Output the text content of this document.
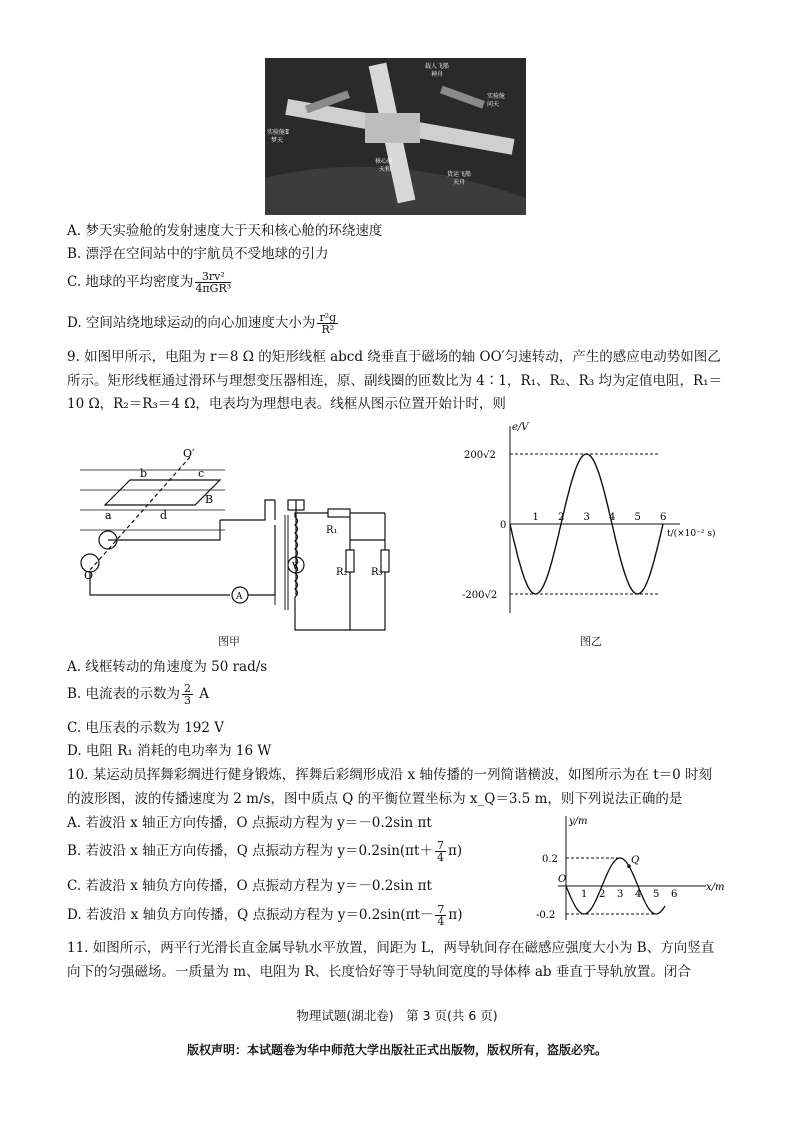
载人飞船
神舟
实验舱
问天
实验舱Ⅱ
梦天
核心舱
天和
货运飞船
天舟
A. 梦天实验舱的发射速度大于天和核心舱的环绕速度
B. 漂浮在空间站中的宇航员不受地球的引力
C. 地球的平均密度为 $\frac{\text{3rv²}}{\text{4πGR³}}$
D. 空间站绕地球运动的向心加速度大小为 $\frac{\text{r²g}}{\text{R²}}$
9. 如图甲所示，电阻为 r＝8 Ω 的矩形线框 abcd 绕垂直于磁场的轴 OO′匀速转动，产生的感应电动势如图乙
所示。矩形线框通过滑环与理想变压器相连，原、副线圈的匝数比为 4∶1，R₁、R₂、R₃ 均为定值电阻，R₁＝
10 Ω，R₂＝R₃＝4 Ω，电表均为理想电表。线框从图示位置开始计时，则
O
O′
b	c
a	d
B
A
V
R₁
R₂ R₃
图甲
e/V
t/(×10⁻² s)
0
200√2
-200√2
1 2 3 4 5 6
图乙
A. 线框转动的角速度为 50 rad/s
B. 电流表的示数为 $\frac{2}{3}$ A
C. 电压表的示数为 192 V
D. 电阻 R₁ 消耗的电功率为 16 W
10. 某运动员挥舞彩绸进行健身锻炼，挥舞后彩绸形成沿 x 轴传播的一列简谐横波，如图所示为在 t＝0 时刻
的波形图，波的传播速度为 2 m/s，图中质点 Q 的平衡位置坐标为 x_Q＝3.5 m，则下列说法正确的是
A. 若波沿 x 轴正方向传播，O 点振动方程为 y＝－0.2sin πt
B. 若波沿 x 轴正方向传播，Q 点振动方程为 $y=0.2\sin(\pi t+ \frac{7}{4} \pi)$
C. 若波沿 x 轴负方向传播，O 点振动方程为 y＝－0.2sin πt
D. 若波沿 x 轴负方向传播，Q 点振动方程为 $y=0.2\sin(\pi t- \frac{7}{4} \pi)$
y/m
x/m
0.2
-0.2
O
1 2 3 4 5 6
Q
11. 如图所示，两平行光滑长直金属导轨水平放置，间距为 L，两导轨间存在磁感应强度大小为 B、方向竖直
向下的匀强磁场。一质量为 m、电阻为 R、长度恰好等于导轨间宽度的导体棒 ab 垂直于导轨放置。闭合
物理试题(湖北卷)　第 3 页(共 6 页)
版权声明：本试题卷为华中师范大学出版社正式出版物，版权所有，盗版必究。
